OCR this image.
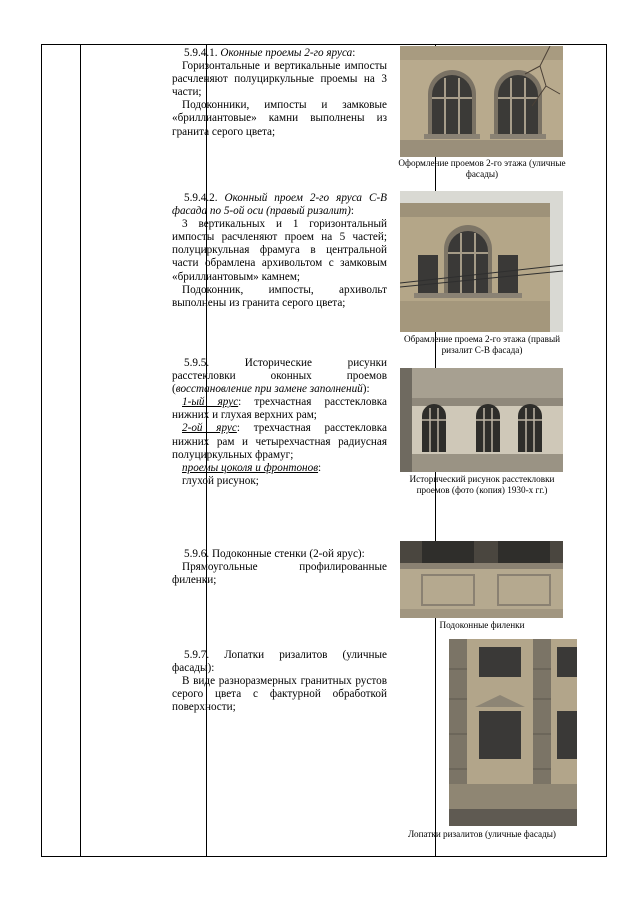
5.9.4.1. Оконные проемы 2-го яруса:

Горизонтальные и вертикальные импосты расчленяют полуциркульные проемы на 3 части;

Подоконники, импосты и замковые «бриллиантовые» камни выполнены из гранита серого цвета;

5.9.4.2. Оконный проем 2-го яруса С-В фасада по 5-ой оси (правый ризалит):

3 вертикальных и 1 горизонтальный импосты расчленяют проем на 5 частей; полуциркульная фрамуга в центральной части обрамлена архивольтом с замковым «бриллиантовым» камнем;

Подоконник, импосты, архивольт выполнены из гранита серого цвета;

5.9.5.	Исторические рисунки расстекловки оконных проемов (восстановление при замене заполнений):

1-ый ярус: трехчастная расстекловка нижних и глухая верхних рам;

2-ой ярус: трехчастная расстекловка нижних рам и четырехчастная радиусная полуциркульных фрамуг;

проемы цоколя и фронтонов:

глухой рисунок;

5.9.6. Подоконные стенки (2-ой ярус):

Прямоугольные профилированные филенки;

5.9.7. Лопатки ризалитов (уличные фасады):

В виде разноразмерных гранитных рустов серого цвета с фактурной обработкой поверхности;

Оформление проемов 2-го этажа (уличные фасады)
Обрамление проема 2-го этажа (правый ризалит С-В фасада)
Исторический рисунок расстекловки проемов (фото (копия) 1930-х гг.)
Подоконные филенки
Лопатки ризалитов (уличные фасады)
